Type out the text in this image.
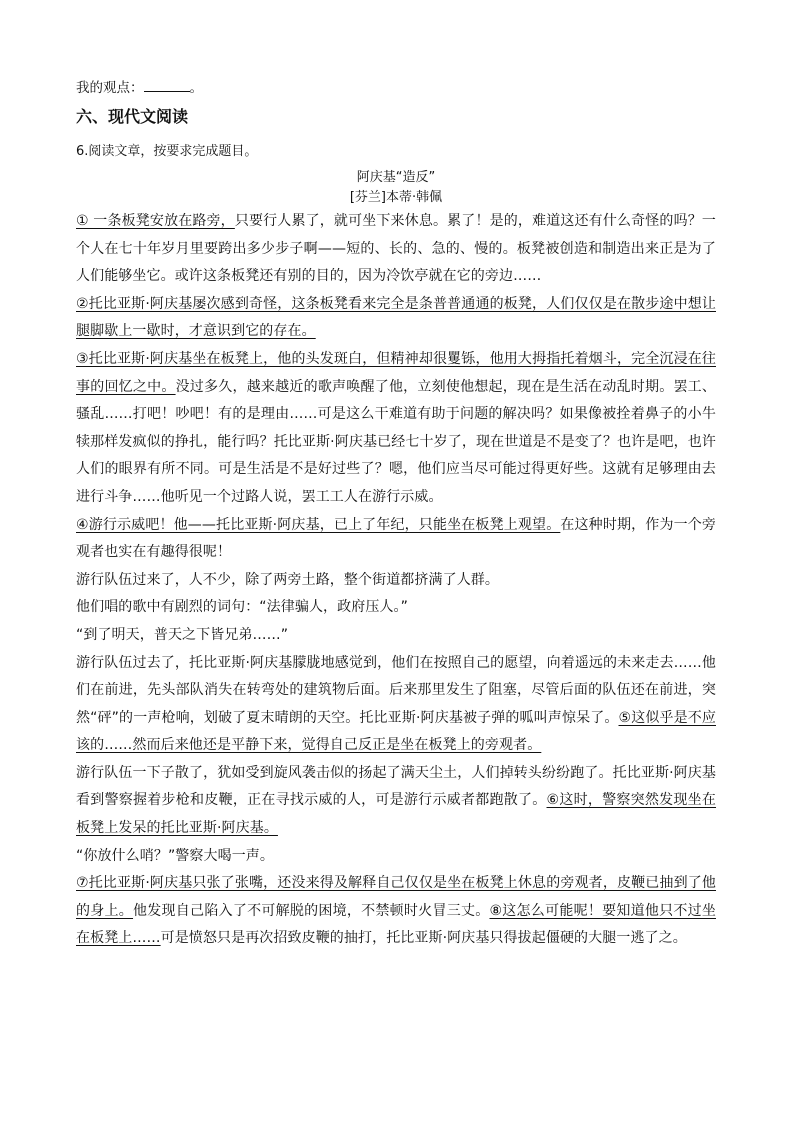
我的观点：	。
六、现代文阅读
6.阅读文章，按要求完成题目。
阿庆基“造反”
[芬兰]本蒂·韩佩

① 一条板凳安放在路旁，只要行人累了，就可坐下来休息。累了！是的，难道这还有什么奇怪的吗？一个人在七十年岁月里要跨出多少步子啊——短的、长的、急的、慢的。板凳被创造和制造出来正是为了人们能够坐它。或许这条板凳还有别的目的，因为冷饮亭就在它的旁边……

②托比亚斯·阿庆基屡次感到奇怪，这条板凳看来完全是条普普通通的板凳，人们仅仅是在散步途中想让腿脚歇上一歇时，才意识到它的存在。

③托比亚斯·阿庆基坐在板凳上，他的头发斑白，但精神却很矍铄，他用大拇指托着烟斗，完全沉浸在往事的回忆之中。没过多久，越来越近的歌声唤醒了他，立刻使他想起，现在是生活在动乱时期。罢工、骚乱……打吧！吵吧！有的是理由……可是这么干难道有助于问题的解决吗？如果像被拴着鼻子的小牛犊那样发疯似的挣扎，能行吗？托比亚斯·阿庆基已经七十岁了，现在世道是不是变了？也许是吧，也许人们的眼界有所不同。可是生活是不是好过些了？嗯，他们应当尽可能过得更好些。这就有足够理由去进行斗争……他听见一个过路人说，罢工工人在游行示威。

④游行示威吧！他——托比亚斯·阿庆基，已上了年纪，只能坐在板凳上观望。在这种时期，作为一个旁观者也实在有趣得很呢！

游行队伍过来了，人不少，除了两旁土路，整个街道都挤满了人群。

他们唱的歌中有剧烈的词句：“法律骗人，政府压人。”

“到了明天，普天之下皆兄弟……”

游行队伍过去了，托比亚斯·阿庆基朦胧地感觉到，他们在按照自己的愿望，向着遥远的未来走去……他们在前进，先头部队消失在转弯处的建筑物后面。后来那里发生了阻塞，尽管后面的队伍还在前进，突然“砰”的一声枪响，划破了夏末晴朗的天空。托比亚斯·阿庆基被子弹的呱叫声惊呆了。⑤这似乎是不应该的……然而后来他还是平静下来，觉得自己反正是坐在板凳上的旁观者。

游行队伍一下子散了，犹如受到旋风袭击似的扬起了满天尘土，人们掉转头纷纷跑了。托比亚斯·阿庆基看到警察握着步枪和皮鞭，正在寻找示威的人，可是游行示威者都跑散了。⑥这时，警察突然发现坐在板凳上发呆的托比亚斯·阿庆基。

“你放什么哨？”警察大喝一声。

⑦托比亚斯·阿庆基只张了张嘴，还没来得及解释自己仅仅是坐在板凳上休息的旁观者，皮鞭已抽到了他的身上。他发现自己陷入了不可解脱的困境，不禁顿时火冒三丈。⑧这怎么可能呢！要知道他只不过坐在板凳上……可是愤怒只是再次招致皮鞭的抽打，托比亚斯·阿庆基只得拔起僵硬的大腿一逃了之。
